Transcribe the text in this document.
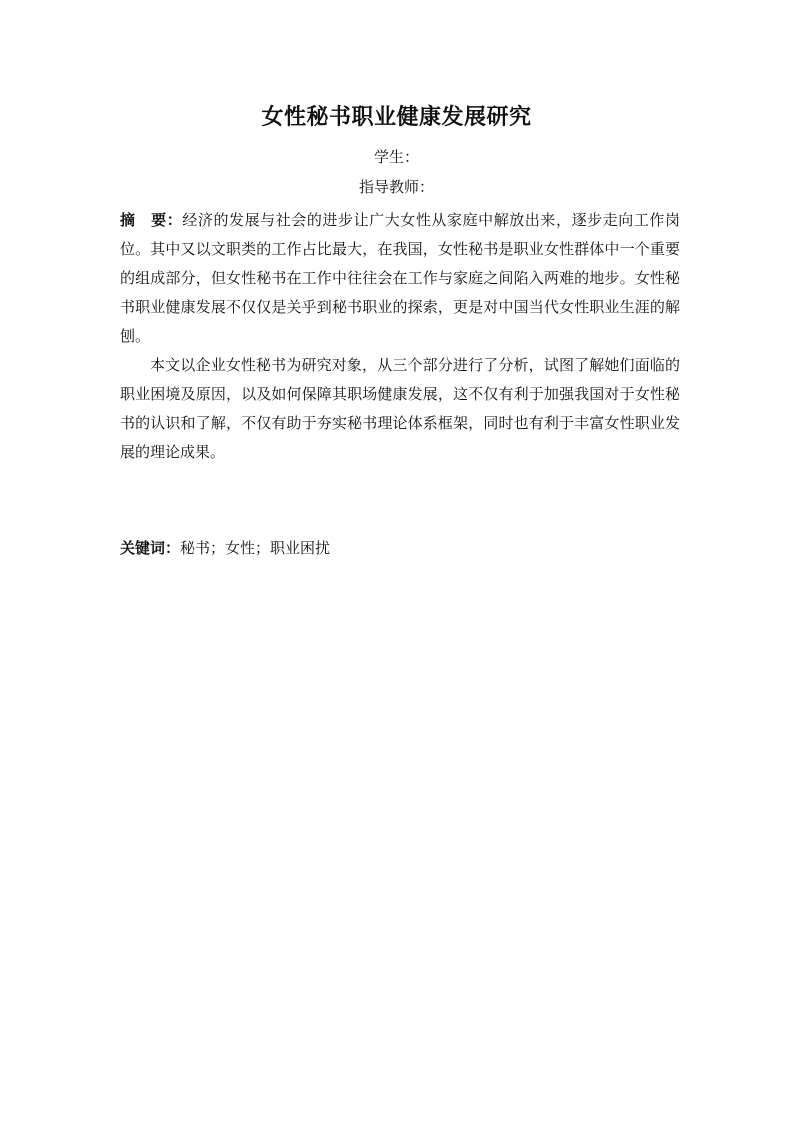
女性秘书职业健康发展研究
学生：
指导教师：

摘　要：经济的发展与社会的进步让广大女性从家庭中解放出来，逐步走向工作岗位。其中又以文职类的工作占比最大，在我国，女性秘书是职业女性群体中一个重要的组成部分，但女性秘书在工作中往往会在工作与家庭之间陷入两难的地步。女性秘书职业健康发展不仅仅是关乎到秘书职业的探索，更是对中国当代女性职业生涯的解刨。

本文以企业女性秘书为研究对象，从三个部分进行了分析，试图了解她们面临的职业困境及原因，以及如何保障其职场健康发展，这不仅有利于加强我国对于女性秘书的认识和了解，不仅有助于夯实秘书理论体系框架，同时也有利于丰富女性职业发展的理论成果。

关键词：秘书；女性；职业困扰
